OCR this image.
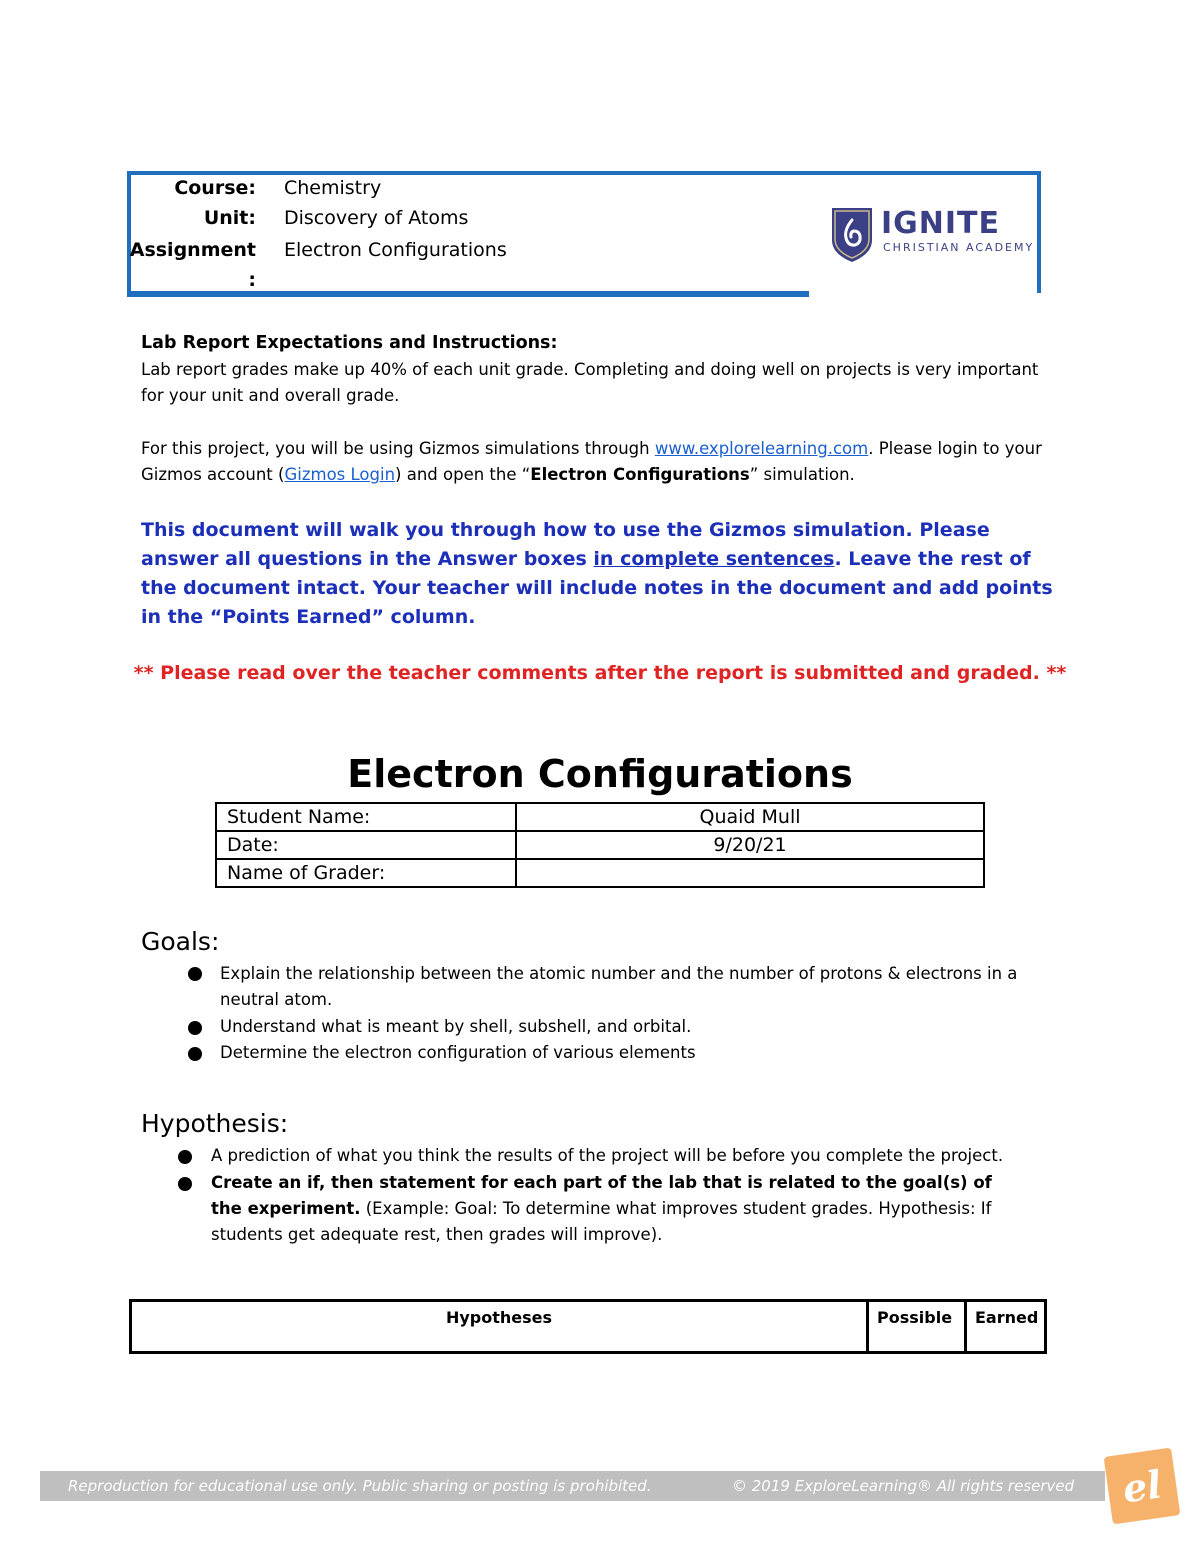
Course: Chemistry
Unit: Discovery of Atoms
Assignment
:
Electron Configurations
IGNITE
CHRISTIAN ACADEMY
Lab Report Expectations and Instructions:
Lab report grades make up 40% of each unit grade. Completing and doing well on projects is very important for your unit and overall grade.
For this project, you will be using Gizmos simulations through www.explorelearning.com. Please login to your Gizmos account (Gizmos Login) and open the “Electron Configurations” simulation.
This document will walk you through how to use the Gizmos simulation. Please answer all questions in the Answer boxes in complete sentences. Leave the rest of the document intact. Your teacher will include notes in the document and add points in the “Points Earned” column.
** Please read over the teacher comments after the report is submitted and graded. **
Electron Configurations
Student Name:	Quaid Mull
Date:	9/20/21
Name of Grader:	
Goals:
Explain the relationship between the atomic number and the number of protons & electrons in a neutral atom.
Understand what is meant by shell, subshell, and orbital.
Determine the electron configuration of various elements
Hypothesis:
A prediction of what you think the results of the project will be before you complete the project.
Create an if, then statement for each part of the lab that is related to the goal(s) of the experiment. (Example: Goal: To determine what improves student grades. Hypothesis: If students get adequate rest, then grades will improve).
Hypotheses	Possible	Earned
Reproduction for educational use only. Public sharing or posting is prohibited.	© 2019 ExploreLearning® All rights reserved el
